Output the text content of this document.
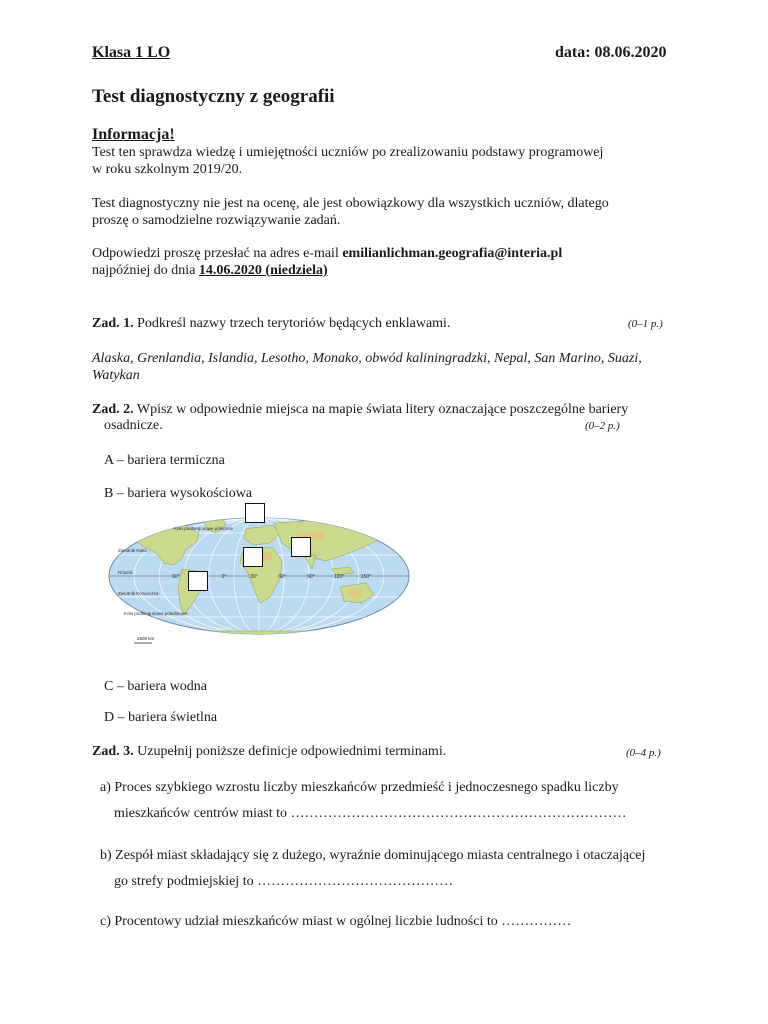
Klasa 1 LO	data: 08.06.2020
Test diagnostyczny z geografii
Informacja!
Test ten sprawdza wiedzę i umiejętności uczniów po zrealizowaniu podstawy programowej
w roku szkolnym 2019/20.
Test diagnostyczny nie jest na ocenę, ale jest obowiązkowy dla wszystkich uczniów, dlatego
proszę o samodzielne rozwiązywanie zadań.
Odpowiedzi proszę przesłać na adres e-mail emilianlichman.geografia@interia.pl
najpóźniej do dnia 14.06.2020 (niedziela)
Zad. 1. Podkreśl nazwy trzech terytoriów będących enklawami.	(0–1 p.)
Alaska, Grenlandia, Islandia, Lesotho, Monako, obwód kaliningradzki, Nepal, San Marino, Suazi,
Watykan
Zad. 2. Wpisz w odpowiednie miejsca na mapie świata litery oznaczające poszczególne bariery
osadnicze.	(0–2 p.)
A – bariera termiczna
B – bariera wysokościowa
Koło podbiegunowe północne
Zwrotnik Raka
Równik
Zwrotnik Koziorożca
Koło podbiegunowe południowe
60°	0°	30°	60°	90°	120°	150°
2500 km
C – bariera wodna
D – bariera świetlna
Zad. 3. Uzupełnij poniższe definicje odpowiednimi terminami.	(0–4 p.)
a) Proces szybkiego wzrostu liczby mieszkańców przedmieść i jednoczesnego spadku liczby
mieszkańców centrów miast to ………………………………………………………………
b) Zespół miast składający się z dużego, wyraźnie dominującego miasta centralnego i otaczającej
go strefy podmiejskiej to ……………………………………
c) Procentowy udział mieszkańców miast w ogólnej liczbie ludności to ……………
